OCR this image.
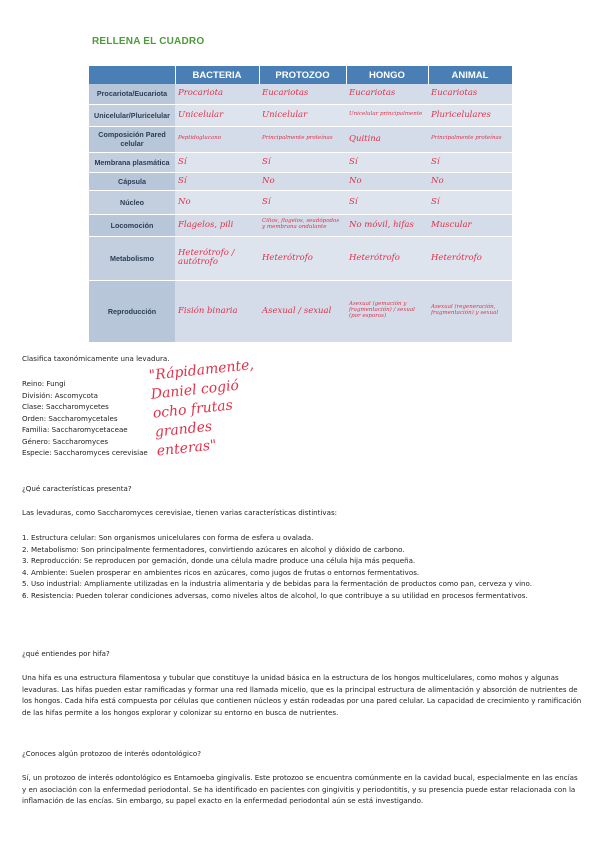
RELLENA EL CUADRO
	BACTERIA	PROTOZOO	HONGO	ANIMAL
Procariota/Eucariota	Procariota	Eucariotas	Eucariotas	Eucariotas
Unicelular/Pluricelular	Unicelular	Unicelular	Unicelular principalmente	Pluricelulares
Composición Pared celular	Peptidoglucano	Principalmente proteínas	Quitina	Principalmente proteínas
Membrana plasmática	Sí	Sí	Sí	Sí
Cápsula	Sí	No	No	No
Núcleo	No	Sí	Sí	Sí
Locomoción	Flagelos, pili	Cilios, flagelos, seudópodos y membrana ondulante	No móvil, hifas	Muscular
Metabolismo	Heterótrofo / autótrofo	Heterótrofo	Heterótrofo	Heterótrofo
Reproducción	Fisión binaria	Asexual / sexual	Asexual (gemación y fragmentación) / sexual (por esporas)	Asexual (regeneración, fragmentación) y sexual
Clasifica taxonómicamente una levadura.
Reino: Fungi
División: Ascomycota
Clase: Saccharomycetes
Orden: Saccharomycetales
Familia: Saccharomycetaceae
Género: Saccharomyces
Especie: Saccharomyces cerevisiae
"Rápidamente,
Daniel cogió
ocho frutas
grandes
enteras"
¿Qué características presenta?
Las levaduras, como Saccharomyces cerevisiae, tienen varias características distintivas:
1. Estructura celular: Son organismos unicelulares con forma de esfera u ovalada.
2. Metabolismo: Son principalmente fermentadores, convirtiendo azúcares en alcohol y dióxido de carbono.
3. Reproducción: Se reproducen por gemación, donde una célula madre produce una célula hija más pequeña.
4. Ambiente: Suelen prosperar en ambientes ricos en azúcares, como jugos de frutas o entornos fermentativos.
5. Uso industrial: Ampliamente utilizadas en la industria alimentaria y de bebidas para la fermentación de productos como pan, cerveza y vino.
6. Resistencia: Pueden tolerar condiciones adversas, como niveles altos de alcohol, lo que contribuye a su utilidad en procesos fermentativos.
¿qué entiendes por hifa?
Una hifa es una estructura filamentosa y tubular que constituye la unidad básica en la estructura de los hongos multicelulares, como mohos y algunas levaduras. Las hifas pueden estar ramificadas y formar una red llamada micelio, que es la principal estructura de alimentación y absorción de nutrientes de los hongos. Cada hifa está compuesta por células que contienen núcleos y están rodeadas por una pared celular. La capacidad de crecimiento y ramificación de las hifas permite a los hongos explorar y colonizar su entorno en busca de nutrientes.
¿Conoces algún protozoo de interés odontológico?
Sí, un protozoo de interés odontológico es Entamoeba gingivalis. Este protozoo se encuentra comúnmente en la cavidad bucal, especialmente en las encías y en asociación con la enfermedad periodontal. Se ha identificado en pacientes con gingivitis y periodontitis, y su presencia puede estar relacionada con la inflamación de las encías. Sin embargo, su papel exacto en la enfermedad periodontal aún se está investigando.
